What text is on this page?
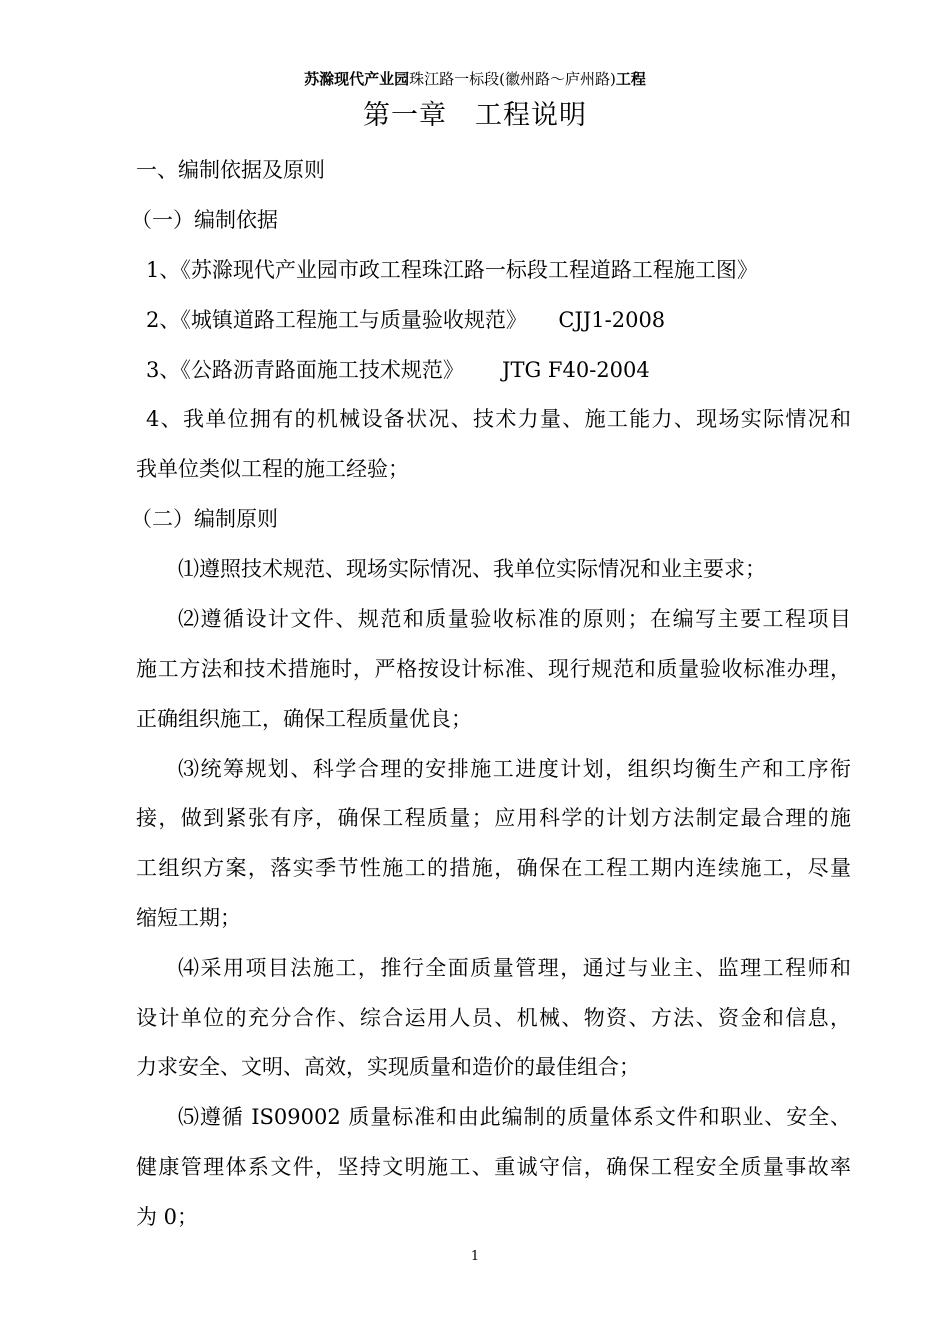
苏滁现代产业园珠江路一标段(徽州路～庐州路)工程
第一章　工程说明
一、编制依据及原则
（一）编制依据
1、《苏滁现代产业园市政工程珠江路一标段工程道路工程施工图》
2、《城镇道路工程施工与质量验收规范》　　CJJ1-2008
3、《公路沥青路面施工技术规范》　　 JTG F40-2004
4、我单位拥有的机械设备状况、技术力量、施工能力、现场实际情况和
我单位类似工程的施工经验；
（二）编制原则
⑴遵照技术规范、现场实际情况、我单位实际情况和业主要求；
⑵遵循设计文件、规范和质量验收标准的原则；在编写主要工程项目
施工方法和技术措施时，严格按设计标准、现行规范和质量验收标准办理，
正确组织施工，确保工程质量优良；
⑶统筹规划、科学合理的安排施工进度计划，组织均衡生产和工序衔
接，做到紧张有序，确保工程质量；应用科学的计划方法制定最合理的施
工组织方案，落实季节性施工的措施，确保在工程工期内连续施工，尽量
缩短工期；
⑷采用项目法施工，推行全面质量管理，通过与业主、监理工程师和
设计单位的充分合作、综合运用人员、机械、物资、方法、资金和信息，
力求安全、文明、高效，实现质量和造价的最佳组合；
⑸遵循 IS09002 质量标准和由此编制的质量体系文件和职业、安全、
健康管理体系文件，坚持文明施工、重诚守信，确保工程安全质量事故率
为 0；
1
